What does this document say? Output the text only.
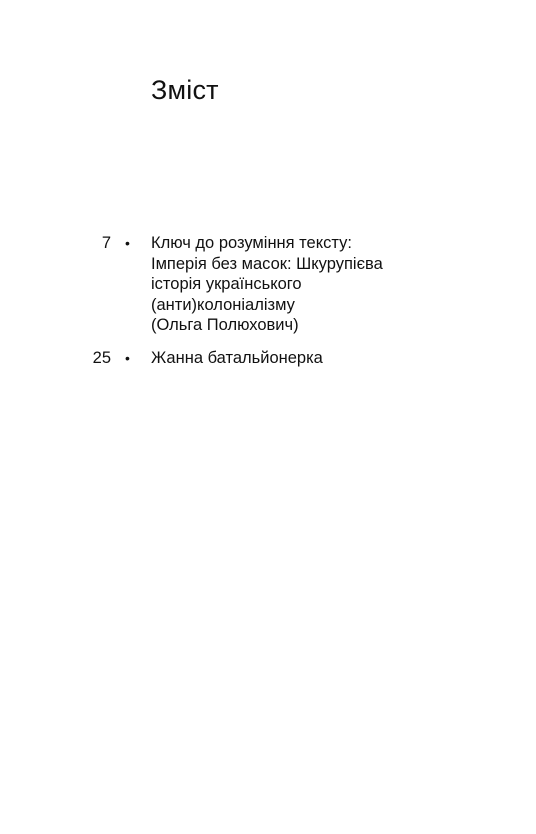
Зміст
7 • Ключ до розуміння тексту:
Імперія без масок: Шкурупієва
історія українського
(анти)колоніалізму
(Ольга Полюхович)
25 • Жанна батальйонерка
